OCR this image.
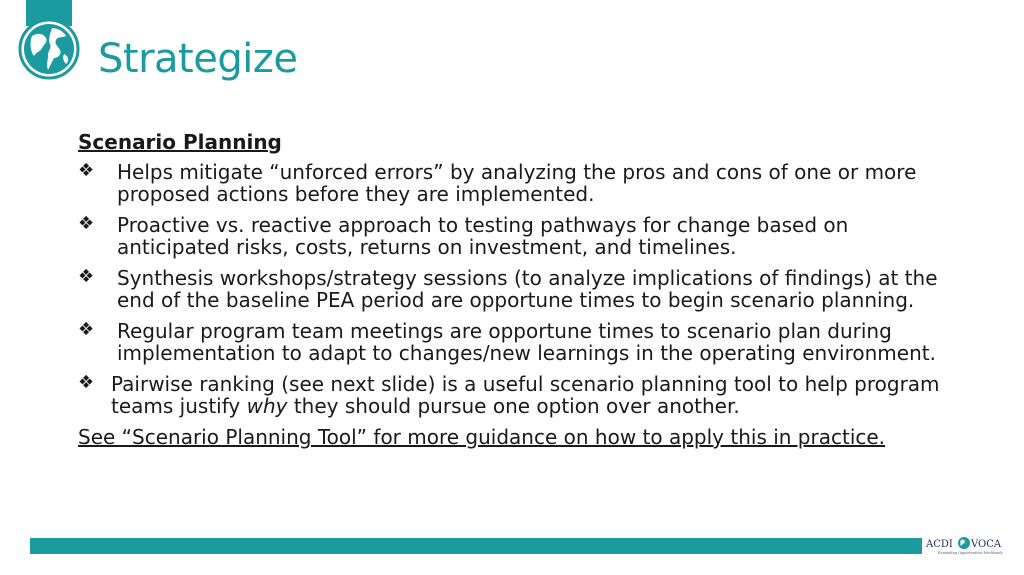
Strategize
Scenario Planning
❖ Helps mitigate “unforced errors” by analyzing the pros and cons of one or more proposed actions before they are implemented.
❖ Proactive vs. reactive approach to testing pathways for change based on anticipated risks, costs, returns on investment, and timelines.
❖ Synthesis workshops/strategy sessions (to analyze implications of findings) at the end of the baseline PEA period are opportune times to begin scenario planning.
❖ Regular program team meetings are opportune times to scenario plan during implementation to adapt to changes/new learnings in the operating environment.
❖ Pairwise ranking (see next slide) is a useful scenario planning tool to help program teams justify why they should pursue one option over another.
See “Scenario Planning Tool” for more guidance on how to apply this in practice.
ACDI VOCA
Expanding Opportunities Worldwide
